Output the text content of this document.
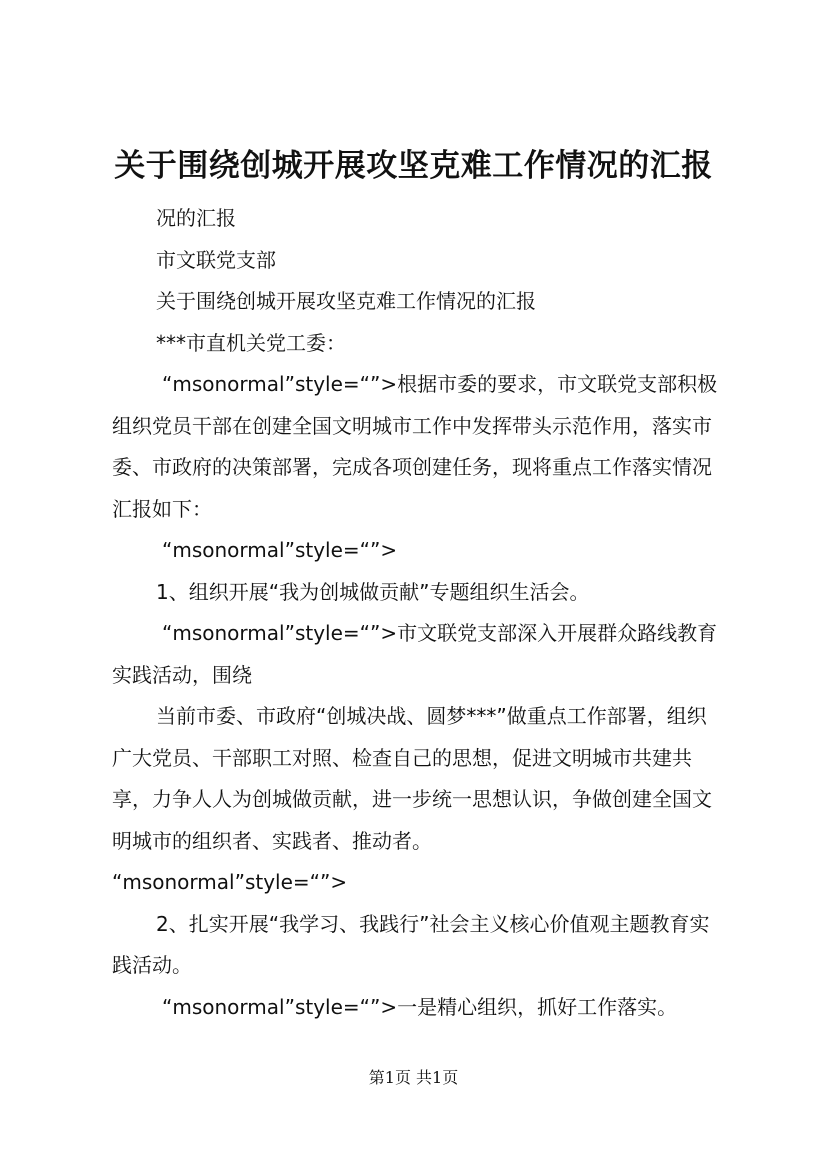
关于围绕创城开展攻坚克难工作情况的汇报

况的汇报

市文联党支部

关于围绕创城开展攻坚克难工作情况的汇报

***市直机关党工委：

“msonormal”style=“”>根据市委的要求，市文联党支部积极组织党员干部在创建全国文明城市工作中发挥带头示范作用，落实市委、市政府的决策部署，完成各项创建任务，现将重点工作落实情况汇报如下：

“msonormal”style=“”>

1、组织开展“我为创城做贡献”专题组织生活会。

“msonormal”style=“”>市文联党支部深入开展群众路线教育实践活动，围绕

当前市委、市政府“创城决战、圆梦***”做重点工作部署，组织广大党员、干部职工对照、检查自己的思想，促进文明城市共建共享，力争人人为创城做贡献，进一步统一思想认识，争做创建全国文明城市的组织者、实践者、推动者。

“msonormal”style=“”>

2、扎实开展“我学习、我践行”社会主义核心价值观主题教育实践活动。

“msonormal”style=“”>一是精心组织，抓好工作落实。

第1页 共1页
